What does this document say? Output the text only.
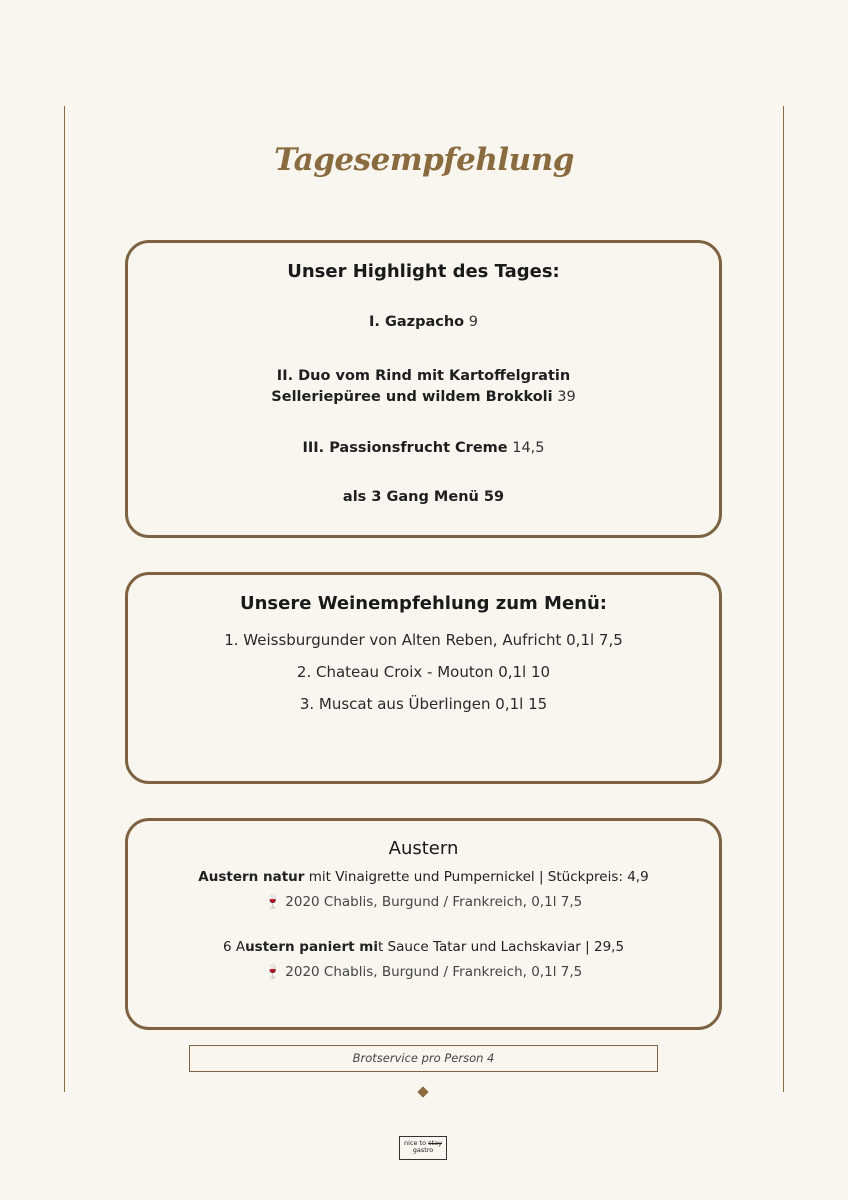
Tagesempfehlung
Unser Highlight des Tages:
I. Gazpacho 9
II. Duo vom Rind mit Kartoffelgratin
Selleriepüree und wildem Brokkoli 39
III. Passionsfrucht Creme 14,5
als 3 Gang Menü 59
Unsere Weinempfehlung zum Menü:
1. Weissburgunder von Alten Reben, Aufricht 0,1l 7,5
2. Chateau Croix - Mouton 0,1l 10
3. Muscat aus Überlingen 0,1l 15
Austern
Austern natur mit Vinaigrette und Pumpernickel | Stückpreis: 4,9
🍷 2020 Chablis, Burgund / Frankreich, 0,1l 7,5
6 Austern paniert mit Sauce Tatar und Lachskaviar | 29,5
🍷 2020 Chablis, Burgund / Frankreich, 0,1l 7,5
Brotservice pro Person 4
nice to stay
gastro
